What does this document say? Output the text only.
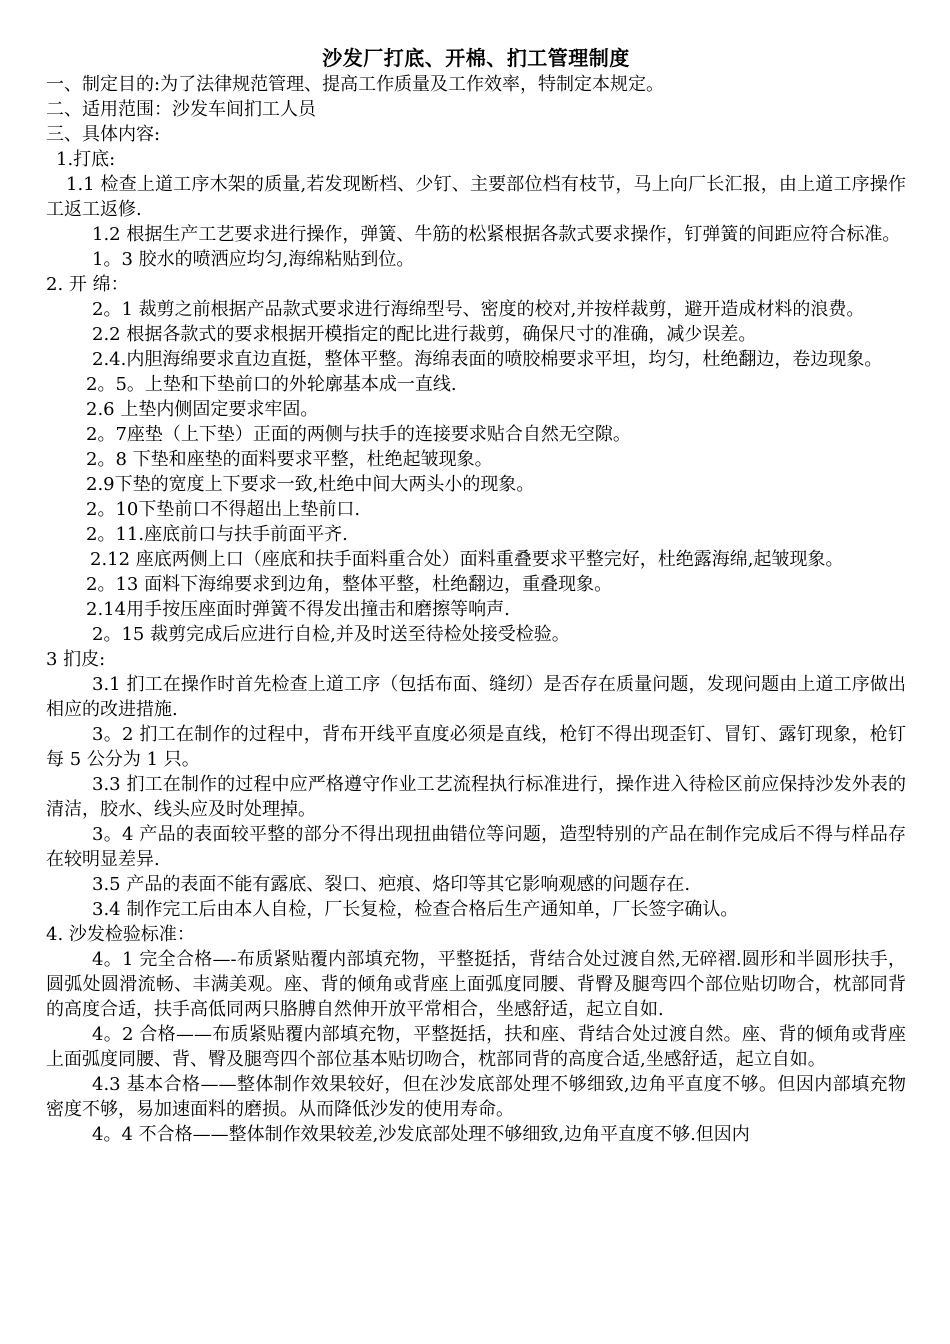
沙发厂打底、开棉、扪工管理制度

一、制定目的:为了法律规范管理、提高工作质量及工作效率，特制定本规定。

二、适用范围：沙发车间扪工人员

三、具体内容:

1.打底:

1.1 检查上道工序木架的质量,若发现断档、少钉、主要部位档有枝节，马上向厂长汇报，由上道工序操作工返工返修.

1.2 根据生产工艺要求进行操作，弹簧、牛筋的松紧根据各款式要求操作，钉弹簧的间距应符合标准。

1。3 胶水的喷洒应均匀,海绵粘贴到位。

2. 开 绵：

2。1 裁剪之前根据产品款式要求进行海绵型号、密度的校对,并按样裁剪，避开造成材料的浪费。

2.2 根据各款式的要求根据开模指定的配比进行裁剪，确保尺寸的准确，减少误差。

2.4.内胆海绵要求直边直挺，整体平整。海绵表面的喷胶棉要求平坦，均匀，杜绝翻边，卷边现象。

2。5。上垫和下垫前口的外轮廓基本成一直线.

2.6 上垫内侧固定要求牢固。

2。7座垫（上下垫）正面的两侧与扶手的连接要求贴合自然无空隙。

2。8 下垫和座垫的面料要求平整，杜绝起皱现象。

2.9下垫的宽度上下要求一致,杜绝中间大两头小的现象。

2。10下垫前口不得超出上垫前口.

2。11.座底前口与扶手前面平齐.

2.12 座底两侧上口（座底和扶手面料重合处）面料重叠要求平整完好，杜绝露海绵,起皱现象。

2。13 面料下海绵要求到边角，整体平整，杜绝翻边，重叠现象。

2.14用手按压座面时弹簧不得发出撞击和磨擦等响声.

2。15 裁剪完成后应进行自检,并及时送至待检处接受检验。

3 扪皮:

3.1 扪工在操作时首先检查上道工序（包括布面、缝纫）是否存在质量问题，发现问题由上道工序做出相应的改进措施.

3。2 扪工在制作的过程中，背布开线平直度必须是直线，枪钉不得出现歪钉、冒钉、露钉现象，枪钉每 5 公分为 1 只。

3.3 扪工在制作的过程中应严格遵守作业工艺流程执行标准进行，操作进入待检区前应保持沙发外表的清洁，胶水、线头应及时处理掉。

3。4 产品的表面较平整的部分不得出现扭曲错位等问题，造型特别的产品在制作完成后不得与样品存在较明显差异.

3.5 产品的表面不能有露底、裂口、疤痕、烙印等其它影响观感的问题存在.

3.4 制作完工后由本人自检，厂长复检，检查合格后生产通知单，厂长签字确认。

4. 沙发检验标准：

4。1 完全合格—-布质紧贴覆内部填充物，平整挺括，背结合处过渡自然,无碎褶.圆形和半圆形扶手，圆弧处圆滑流畅、丰满美观。座、背的倾角或背座上面弧度同腰、背臀及腿弯四个部位贴切吻合，枕部同背的高度合适，扶手高低同两只胳膊自然伸开放平常相合，坐感舒适，起立自如.

4。2 合格——布质紧贴覆内部填充物，平整挺括，扶和座、背结合处过渡自然。座、背的倾角或背座上面弧度同腰、背、臀及腿弯四个部位基本贴切吻合，枕部同背的高度合适,坐感舒适，起立自如。

4.3 基本合格——整体制作效果较好，但在沙发底部处理不够细致,边角平直度不够。但因内部填充物密度不够，易加速面料的磨损。从而降低沙发的使用寿命。

4。4 不合格——整体制作效果较差,沙发底部处理不够细致,边角平直度不够.但因内
